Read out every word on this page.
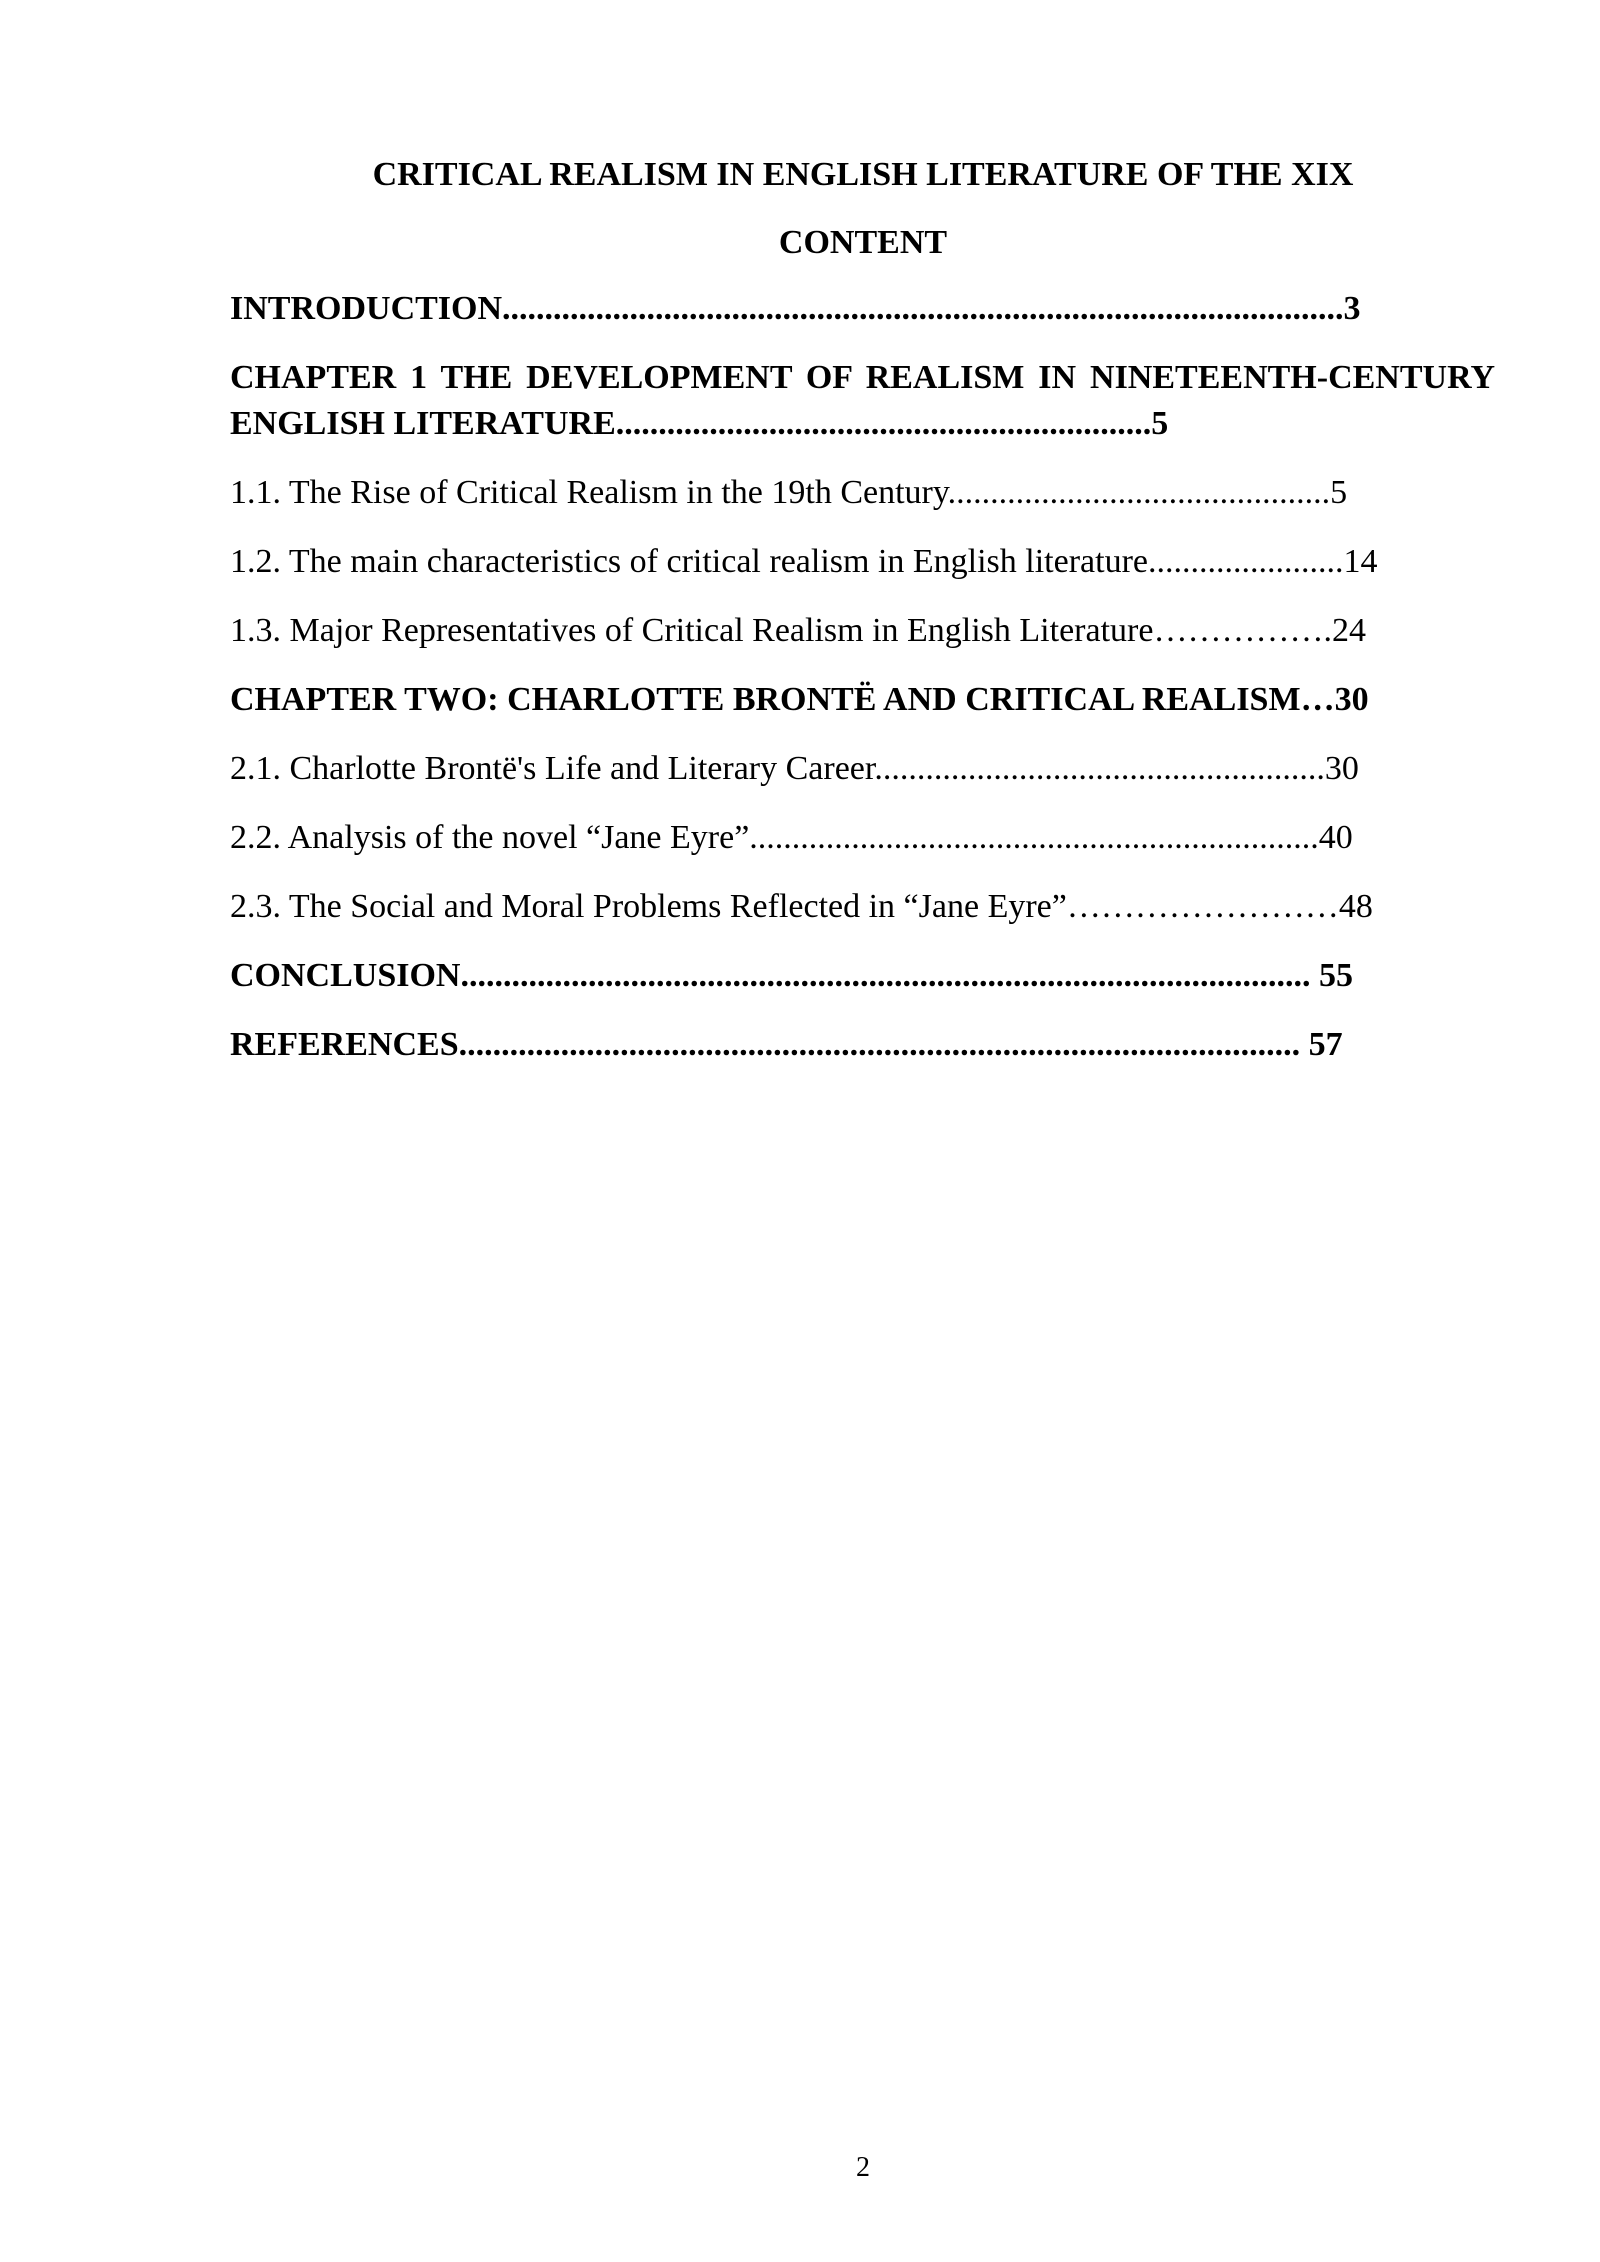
CRITICAL REALISM IN ENGLISH LITERATURE OF THE XIX
CONTENT
INTRODUCTION...................................................................................................3
CHAPTER 1 THE DEVELOPMENT OF REALISM IN NINETEENTH-CENTURY ENGLISH LITERATURE...............................................................5
1.1. The Rise of Critical Realism in the 19th Century.............................................5
1.2. The main characteristics of critical realism in English literature.......................14
1.3. Major Representatives of Critical Realism in English Literature…………….24
CHAPTER TWO: CHARLOTTE BRONTË AND CRITICAL REALISM…30
2.1. Charlotte Brontë's Life and Literary Career.....................................................30
2.2. Analysis of the novel “Jane Eyre”...................................................................40
2.3. The Social and Moral Problems Reflected in “Jane Eyre”……………………48
CONCLUSION.................................................................................................... 55
REFERENCES................................................................................................... 57
2
